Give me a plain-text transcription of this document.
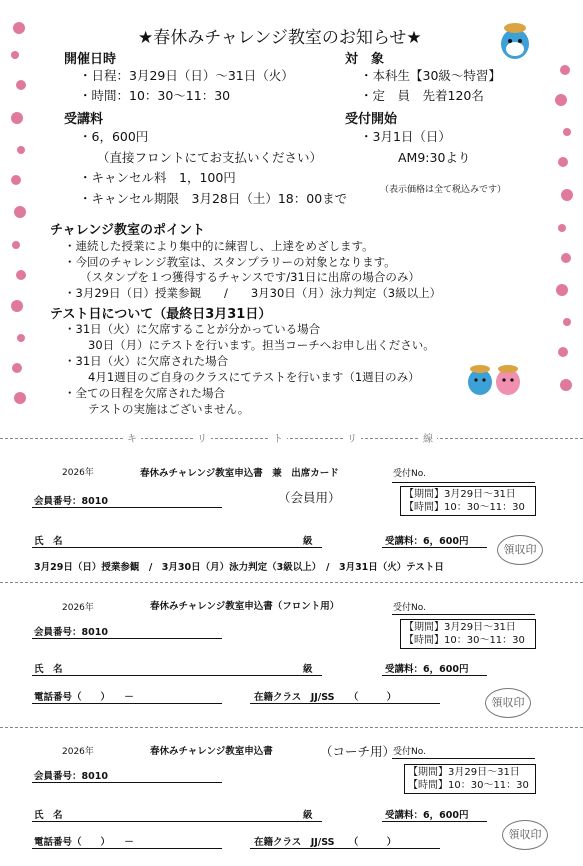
★春休みチャレンジ教室のお知らせ★
開催日時
・日程：3月29日（日）～31日（火）
・時間：10：30～11：30
対　象
・本科生【30級～特習】
・定　員　先着120名
受講料
・6，600円
（直接フロントにてお支払いください）
・キャンセル料　1，100円
・キャンセル期限　3月28日（土）18：00まで
（表示価格は全て税込みです）
受付開始
・3月1日（日）
AM9:30より
チャレンジ教室のポイント
・連続した授業により集中的に練習し、上達をめざします。
・今回のチャレンジ教室は、スタンプラリーの対象となります。
（スタンプを１つ獲得するチャンスです/31日に出席の場合のみ）
・3月29日（日）授業参観　　/　　3月30日（月）泳力判定（3級以上）
テスト日について（最終日3月31日）
・31日（火）に欠席することが分かっている場合
30日（月）にテストを行います。担当コーチへお申し出ください。
・31日（火）に欠席された場合
4月1週目のご自身のクラスにてテストを行います（1週目のみ）
・全ての日程を欠席された場合
テストの実施はございません。
キ	リ	ト	リ	線
2026年	春休みチャレンジ教室申込書　兼　出席カード
（会員用）
受付No.
会員番号：8010
【期間】3月29日～31日
【時間】10：30～11：30
氏　名	級	受講料：6，600円
領収印
3月29日（日）授業参観　/　3月30日（月）泳力判定（3級以上）　/　3月31日（火）テスト日
2026年	春休みチャレンジ教室申込書（フロント用）	受付No.
会員番号：8010	【期間】3月29日～31日
【時間】10：30～11：30
氏　名	級	受講料：6，600円
電話番号（　　）　　－	在籍クラス　JJ/SS　　（　　　）	領収印
2026年	春休みチャレンジ教室申込書	（コーチ用）
受付No.
会員番号：8010	【期間】3月29日～31日
【時間】10：30～11：30
氏　名	級	受講料：6，600円
電話番号（　　）　　－	在籍クラス　JJ/SS　　（　　　）
領収印
